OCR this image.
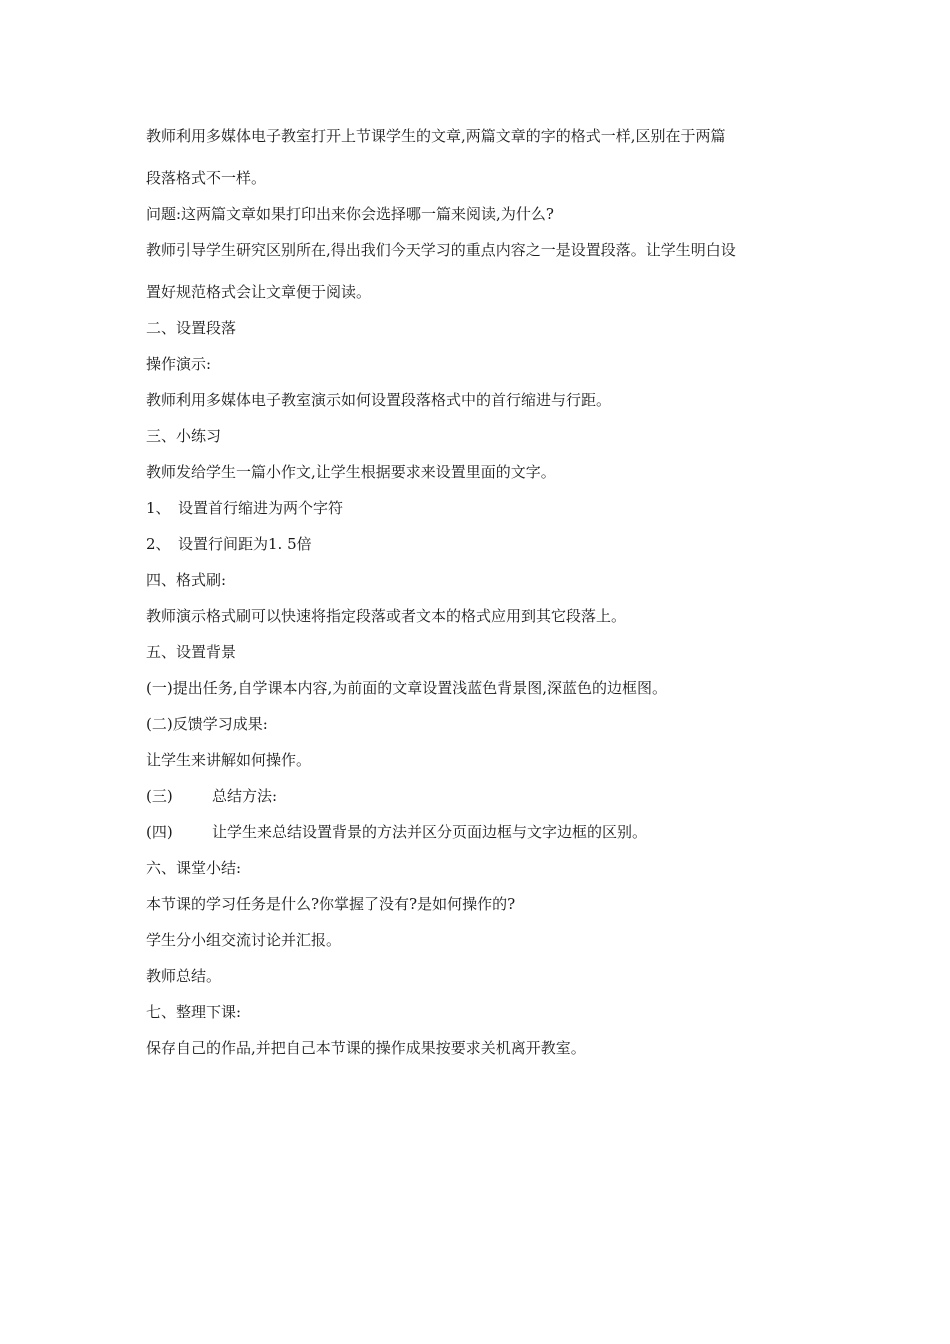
教师利用多媒体电子教室打开上节课学生的文章,两篇文章的字的格式一样,区别在于两篇
段落格式不一样。
问题:这两篇文章如果打印出来你会选择哪一篇来阅读,为什么?
教师引导学生研究区别所在,得出我们今天学习的重点内容之一是设置段落。让学生明白设
置好规范格式会让文章便于阅读。
二、设置段落
操作演示:
教师利用多媒体电子教室演示如何设置段落格式中的首行缩进与行距。
三、小练习
教师发给学生一篇小作文,让学生根据要求来设置里面的文字。
1、 设置首行缩进为两个字符
2、 设置行间距为1. 5倍
四、格式刷:
教师演示格式刷可以快速将指定段落或者文本的格式应用到其它段落上。
五、设置背景
(一)提出任务,自学课本内容,为前面的文章设置浅蓝色背景图,深蓝色的边框图。
(二)反馈学习成果:
让学生来讲解如何操作。
(三)	总结方法:
(四)	让学生来总结设置背景的方法并区分页面边框与文字边框的区别。
六、课堂小结:
本节课的学习任务是什么?你掌握了没有?是如何操作的?
学生分小组交流讨论并汇报。
教师总结。
七、整理下课:
保存自己的作品,并把自己本节课的操作成果按要求关机离开教室。
